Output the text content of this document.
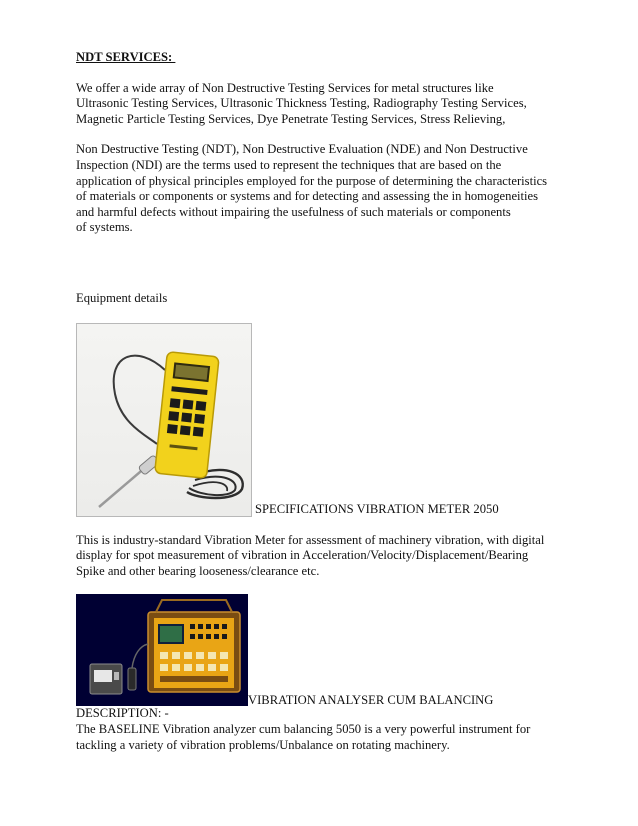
NDT SERVICES:

We offer a wide array of Non Destructive Testing Services for metal structures like
Ultrasonic Testing Services, Ultrasonic Thickness Testing, Radiography Testing Services,
Magnetic Particle Testing Services, Dye Penetrate Testing Services, Stress Relieving,

Non Destructive Testing (NDT), Non Destructive Evaluation (NDE) and Non Destructive
Inspection (NDI) are the terms used to represent the techniques that are based on the
application of physical principles employed for the purpose of determining the characteristics
of materials or components or systems and for detecting and assessing the in homogeneities
and harmful defects without impairing the usefulness of such materials or components
of systems.

Equipment details

SPECIFICATIONS VIBRATION METER 2050

This is industry-standard Vibration Meter for assessment of machinery vibration, with digital
display for spot measurement of vibration in Acceleration/Velocity/Displacement/Bearing
Spike and other bearing looseness/clearance etc.

VIBRATION ANALYSER CUM BALANCING

DESCRIPTION: -
The BASELINE Vibration analyzer cum balancing 5050 is a very powerful instrument for
tackling a variety of vibration problems/Unbalance on rotating machinery.
